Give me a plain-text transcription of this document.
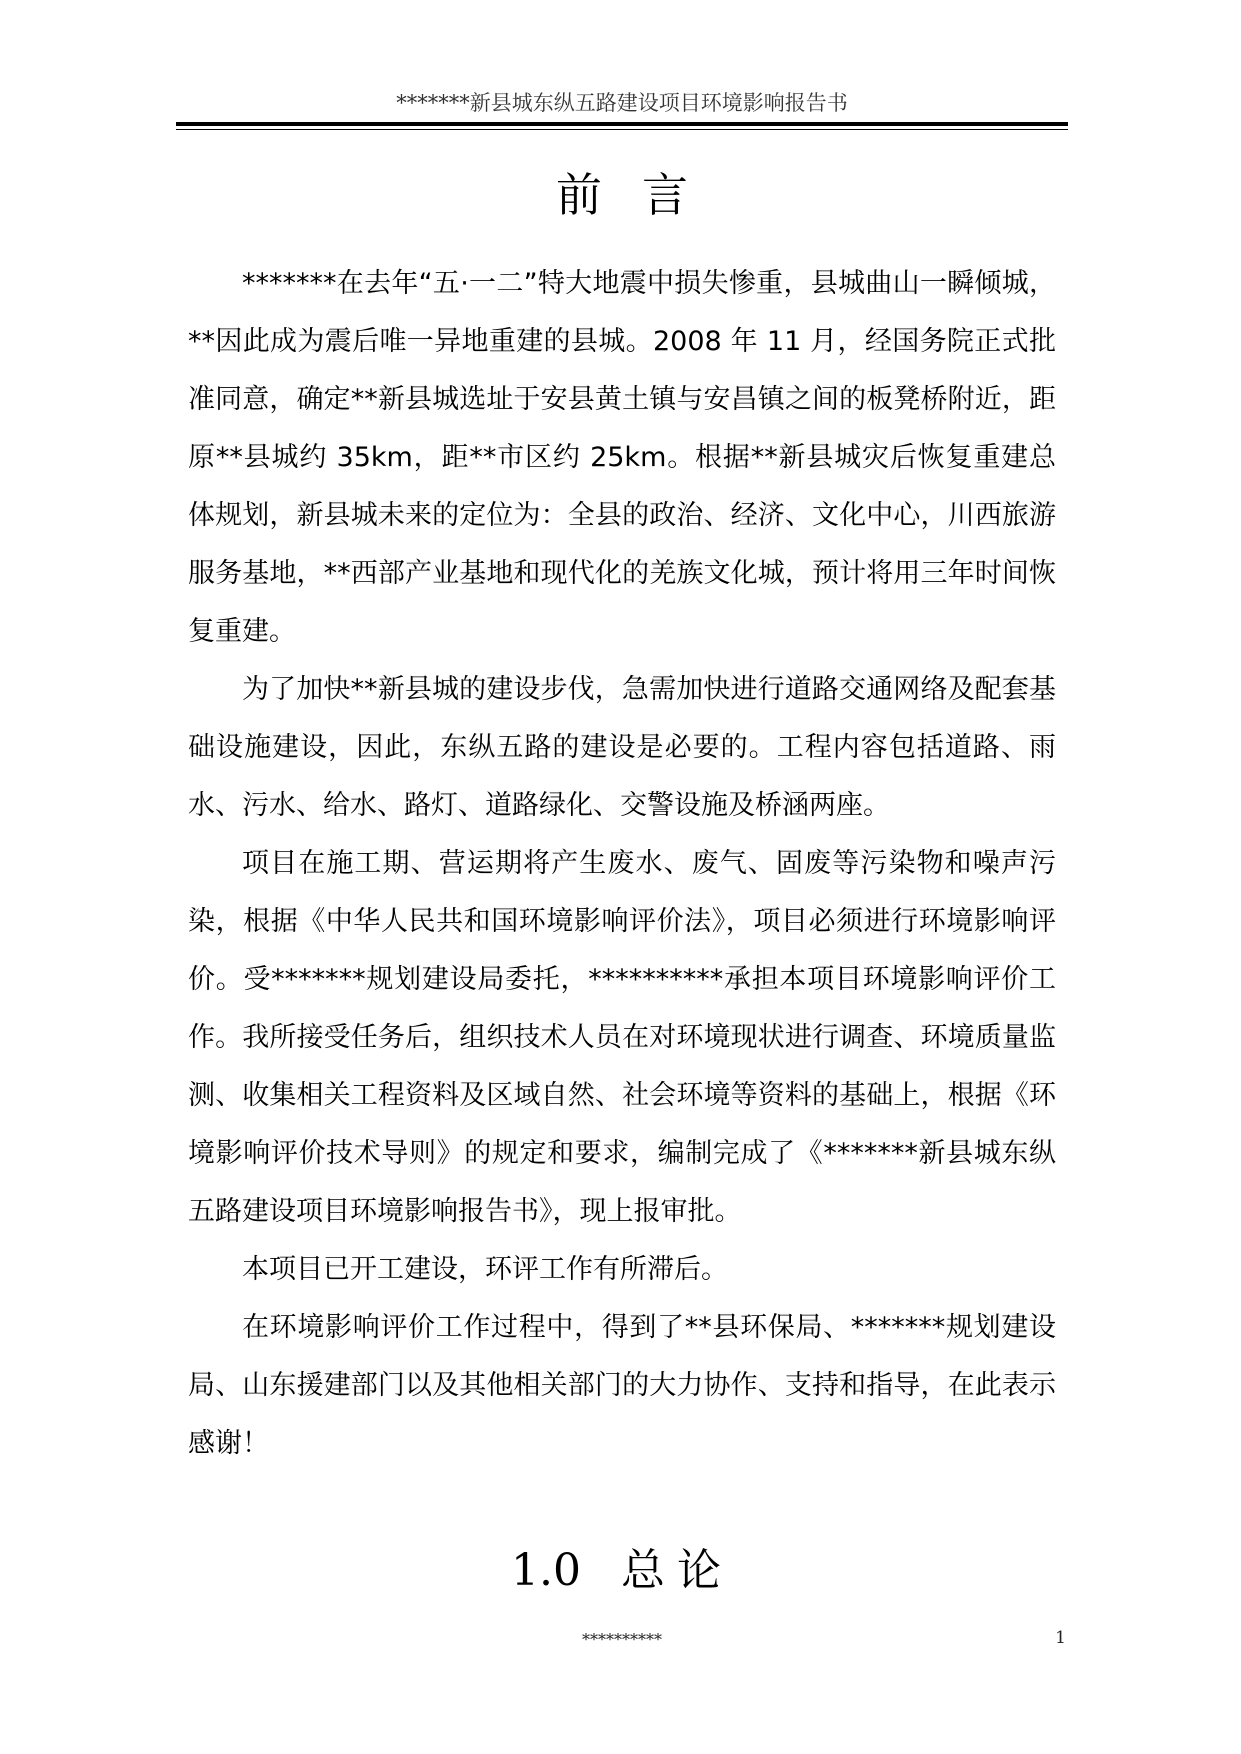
*******新县城东纵五路建设项目环境影响报告书
前言

*******在去年“五·一二”特大地震中损失惨重，县城曲山一瞬倾城，**因此成为震后唯一异地重建的县城。2008 年 11 月，经国务院正式批准同意，确定**新县城选址于安县黄土镇与安昌镇之间的板凳桥附近，距原**县城约 35km，距**市区约 25km。根据**新县城灾后恢复重建总体规划，新县城未来的定位为：全县的政治、经济、文化中心，川西旅游服务基地，**西部产业基地和现代化的羌族文化城，预计将用三年时间恢复重建。

为了加快**新县城的建设步伐，急需加快进行道路交通网络及配套基础设施建设，因此，东纵五路的建设是必要的。工程内容包括道路、雨水、污水、给水、路灯、道路绿化、交警设施及桥涵两座。

项目在施工期、营运期将产生废水、废气、固废等污染物和噪声污染，根据《中华人民共和国环境影响评价法》，项目必须进行环境影响评价。受*******规划建设局委托，**********承担本项目环境影响评价工作。我所接受任务后，组织技术人员在对环境现状进行调查、环境质量监测、收集相关工程资料及区域自然、社会环境等资料的基础上，根据《环境影响评价技术导则》的规定和要求，编制完成了《*******新县城东纵五路建设项目环境影响报告书》，现上报审批。

本项目已开工建设，环评工作有所滞后。

在环境影响评价工作过程中，得到了**县环保局、*******规划建设局、山东援建部门以及其他相关部门的大力协作、支持和指导，在此表示感谢！

1.0 总论
**********	1
